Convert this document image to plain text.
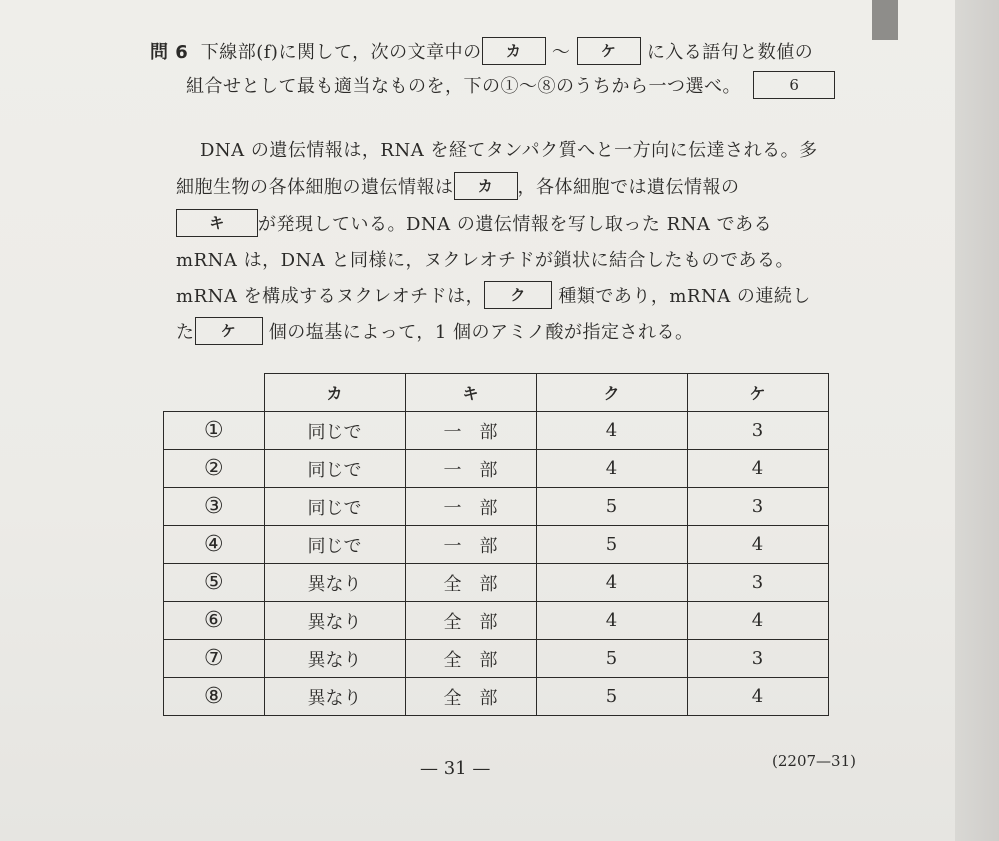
問 6 下線部(f)に関して，次の文章中の カ 〜 ケ に入る語句と数値の
組合せとして最も適当なものを，下の①〜⑧のうちから一つ選べ。	6
DNA の遺伝情報は，RNA を経てタンパク質へと一方向に伝達される。多
細胞生物の各体細胞の遺伝情報は カ ，各体細胞では遺伝情報の
キ が発現している。DNA の遺伝情報を写し取った RNA である
mRNA は，DNA と同様に，ヌクレオチドが鎖状に結合したものである。
mRNA を構成するヌクレオチドは， ク 種類であり，mRNA の連続し
た ケ 個の塩基によって，1 個のアミノ酸が指定される。
	カ	キ	ク	ケ
①	同じで	一　部	4	3
②	同じで	一　部	4	4
③	同じで	一　部	5	3
④	同じで	一　部	5	4
⑤	異なり	全　部	4	3
⑥	異なり	全　部	4	4
⑦	異なり	全　部	5	3
⑧	異なり	全　部	5	4
— 31 —	(2207—31)
